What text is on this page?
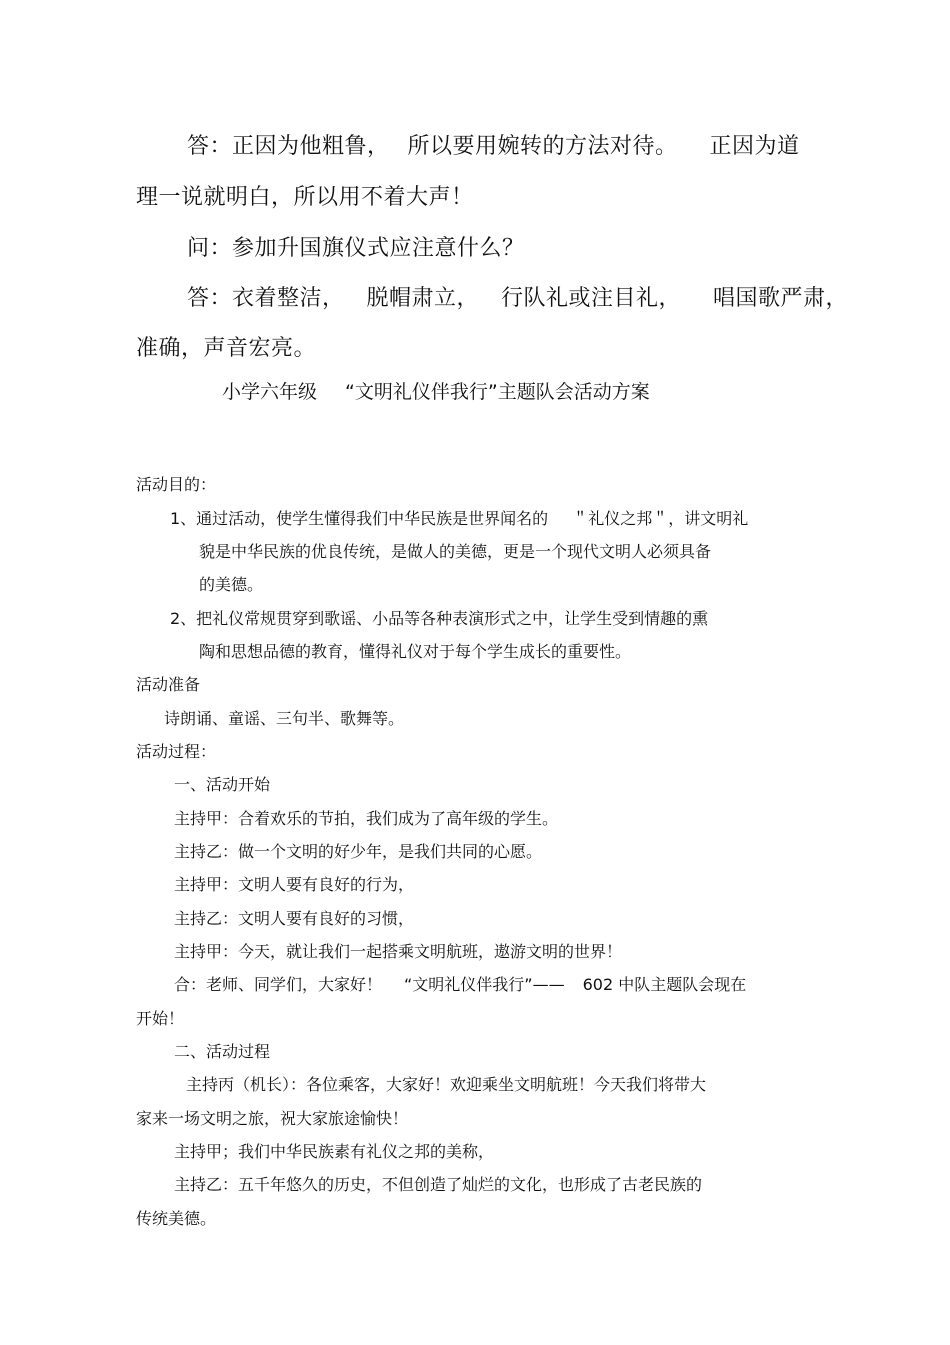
答：正因为他粗鲁， 所以要用婉转的方法对待。 正因为道
理一说就明白，所以用不着大声！
问：参加升国旗仪式应注意什么？
答：衣着整洁， 脱帽肃立， 行队礼或注目礼， 唱国歌严肃，
准确，声音宏亮。
小学六年级 “文明礼仪伴我行”主题队会活动方案
活动目的：
1、通过活动，使学生懂得我们中华民族是世界闻名的 ＂礼仪之邦＂，讲文明礼
貌是中华民族的优良传统，是做人的美德，更是一个现代文明人必须具备
的美德。
2、把礼仪常规贯穿到歌谣、小品等各种表演形式之中，让学生受到情趣的熏
陶和思想品德的教育，懂得礼仪对于每个学生成长的重要性。
活动准备
诗朗诵、童谣、三句半、歌舞等。
活动过程：
一、活动开始
主持甲：合着欢乐的节拍，我们成为了高年级的学生。
主持乙：做一个文明的好少年，是我们共同的心愿。
主持甲：文明人要有良好的行为，
主持乙：文明人要有良好的习惯，
主持甲：今天，就让我们一起搭乘文明航班，遨游文明的世界！
合：老师、同学们，大家好！ “文明礼仪伴我行”—— 602 中队主题队会现在
开始！
二、活动过程
主持丙（机长）：各位乘客，大家好！欢迎乘坐文明航班！今天我们将带大
家来一场文明之旅，祝大家旅途愉快！
主持甲；我们中华民族素有礼仪之邦的美称，
主持乙：五千年悠久的历史，不但创造了灿烂的文化，也形成了古老民族的
传统美德。
